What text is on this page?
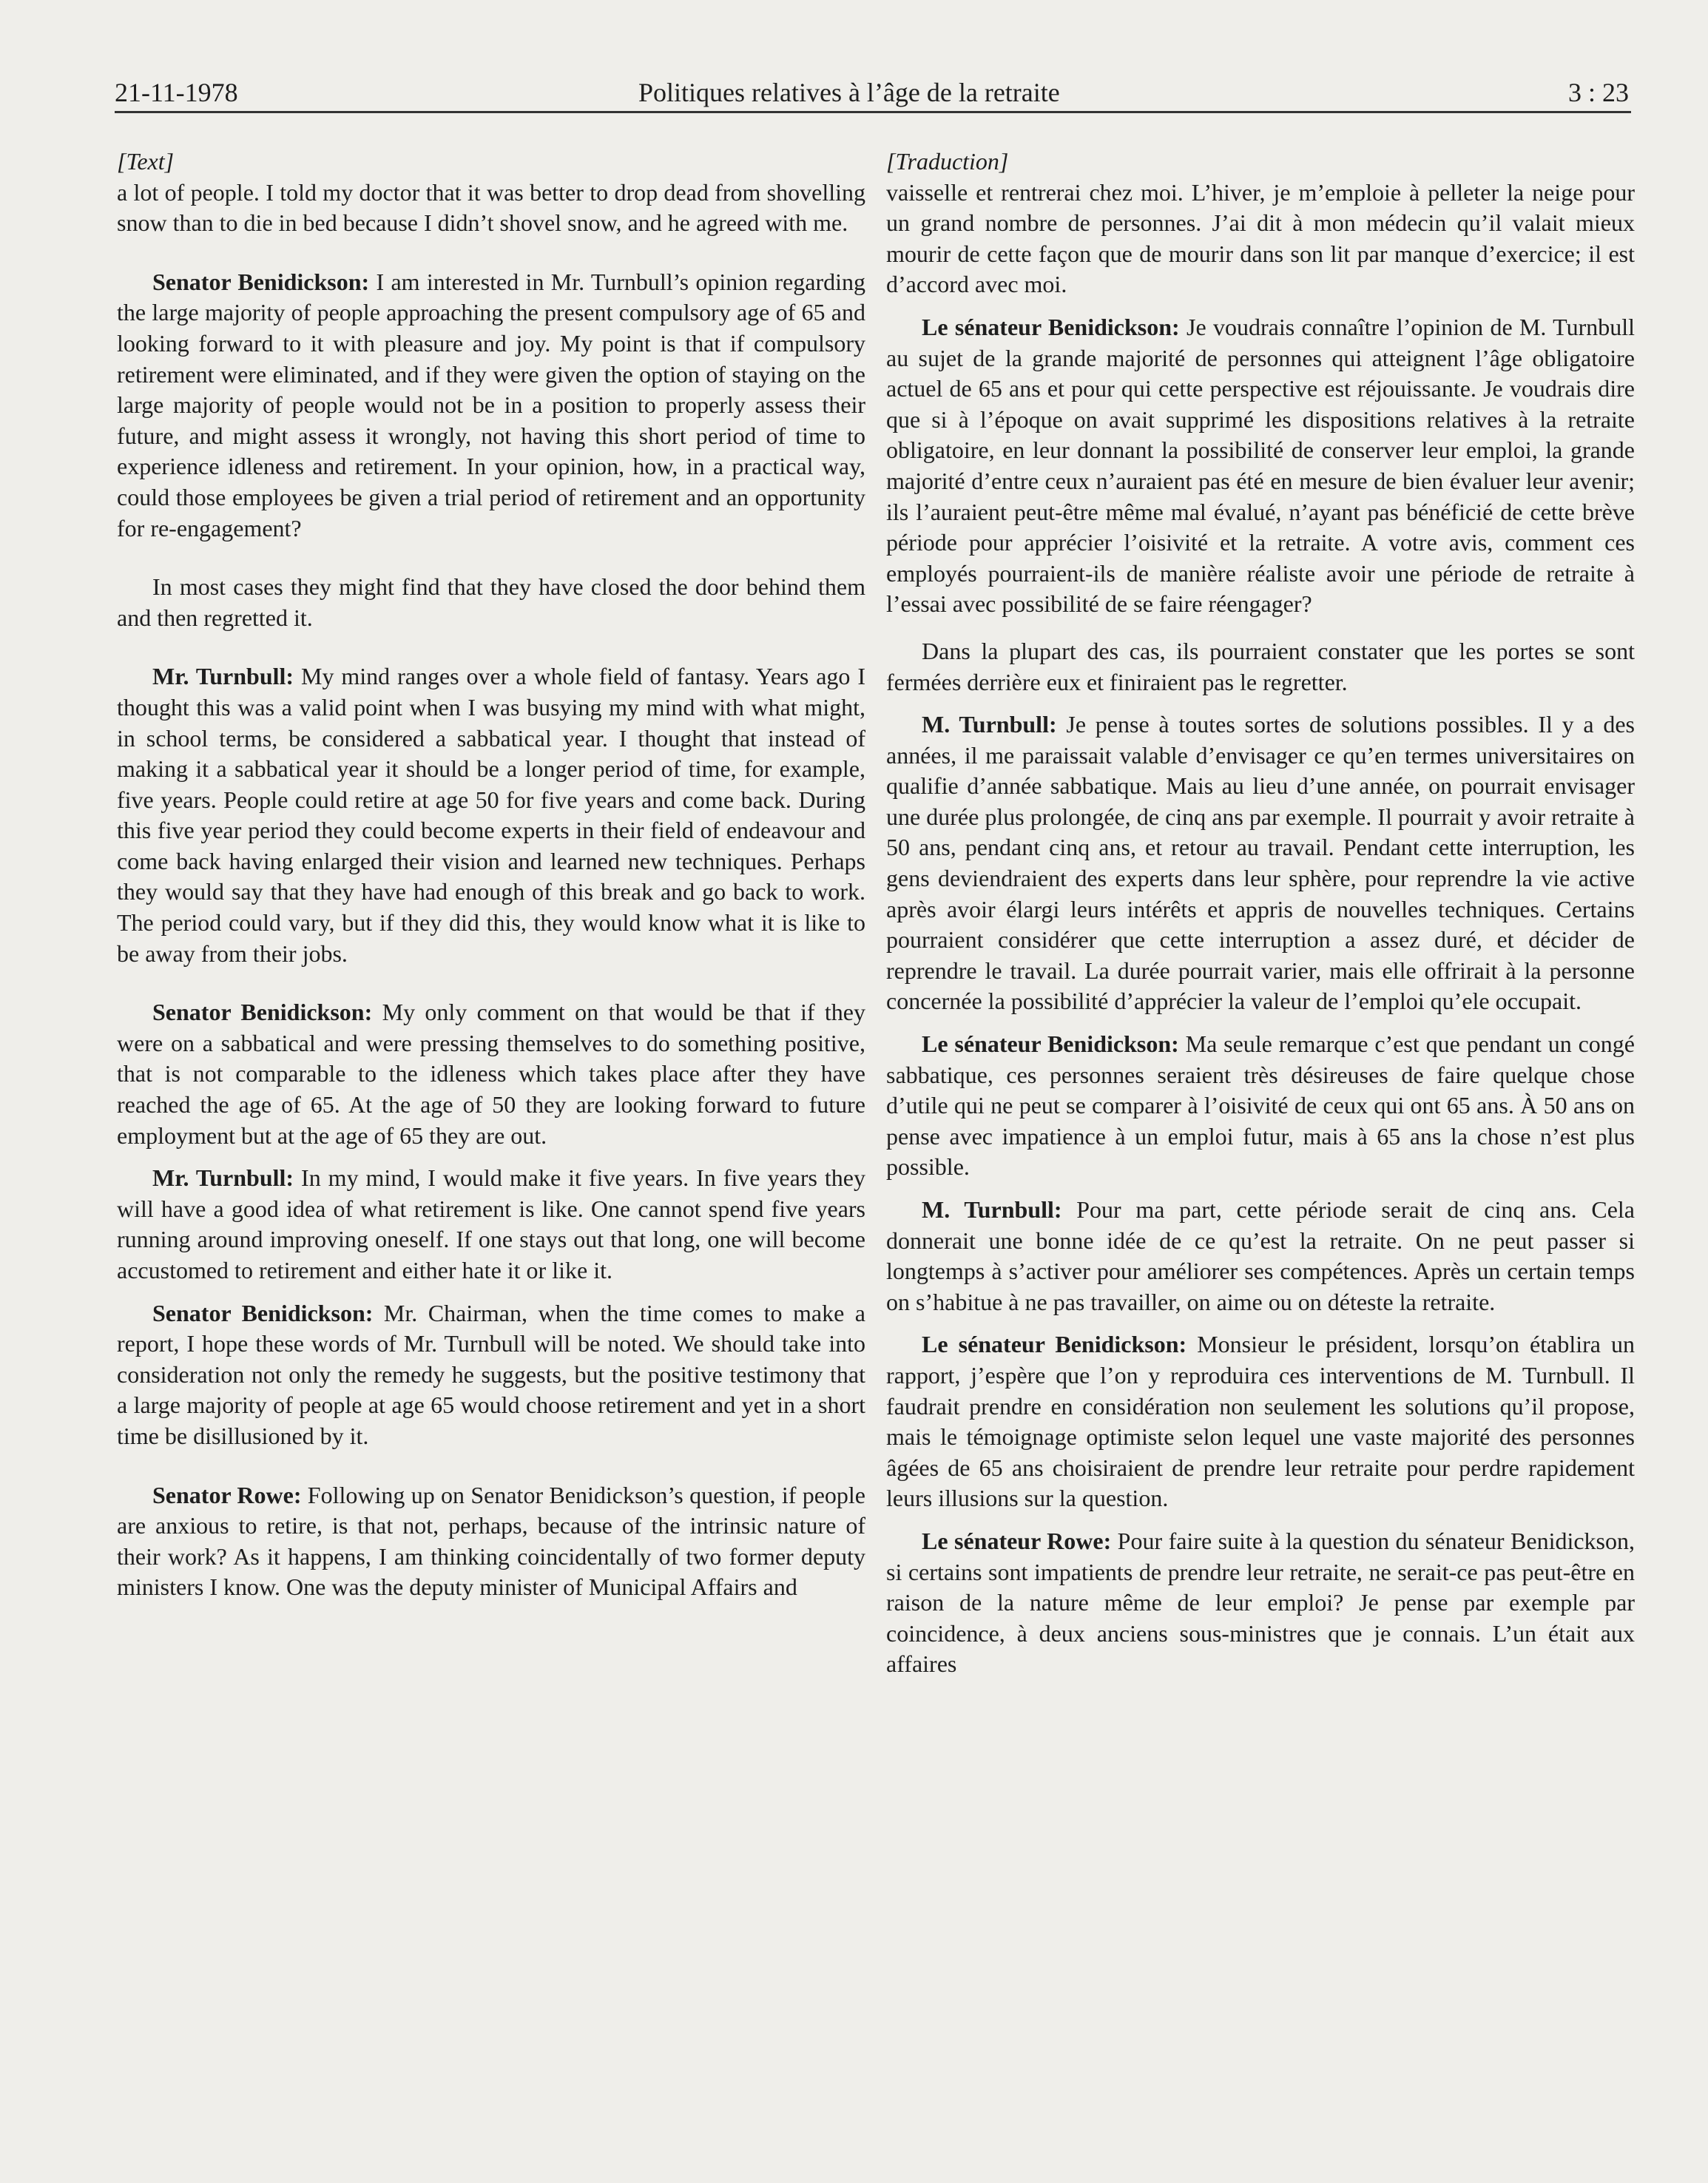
21-11-1978	Politiques relatives à l’âge de la retraite	3 : 23

[Text]

a lot of people. I told my doctor that it was better to drop dead from shovelling snow than to die in bed because I didn’t shovel snow, and he agreed with me.

Senator Benidickson: I am interested in Mr. Turnbull’s opinion regarding the large majority of people approaching the present compulsory age of 65 and looking forward to it with pleasure and joy. My point is that if compulsory retirement were eliminated, and if they were given the option of staying on the large majority of people would not be in a position to properly assess their future, and might assess it wrongly, not having this short period of time to experience idleness and retirement. In your opinion, how, in a practical way, could those employees be given a trial period of retirement and an opportunity for re-engagement?

In most cases they might find that they have closed the door behind them and then regretted it.

Mr. Turnbull: My mind ranges over a whole field of fantasy. Years ago I thought this was a valid point when I was busying my mind with what might, in school terms, be considered a sabbatical year. I thought that instead of making it a sabbatical year it should be a longer period of time, for example, five years. People could retire at age 50 for five years and come back. During this five year period they could become experts in their field of endeavour and come back having enlarged their vision and learned new techniques. Perhaps they would say that they have had enough of this break and go back to work. The period could vary, but if they did this, they would know what it is like to be away from their jobs.

Senator Benidickson: My only comment on that would be that if they were on a sabbatical and were pressing themselves to do something positive, that is not comparable to the idleness which takes place after they have reached the age of 65. At the age of 50 they are looking forward to future employment but at the age of 65 they are out.

Mr. Turnbull: In my mind, I would make it five years. In five years they will have a good idea of what retirement is like. One cannot spend five years running around improving oneself. If one stays out that long, one will become accustomed to retirement and either hate it or like it.

Senator Benidickson: Mr. Chairman, when the time comes to make a report, I hope these words of Mr. Turnbull will be noted. We should take into consideration not only the remedy he suggests, but the positive testimony that a large majority of people at age 65 would choose retirement and yet in a short time be disillusioned by it.

Senator Rowe: Following up on Senator Benidickson’s question, if people are anxious to retire, is that not, perhaps, because of the intrinsic nature of their work? As it happens, I am thinking coincidentally of two former deputy ministers I know. One was the deputy minister of Municipal Affairs and

[Traduction]

vaisselle et rentrerai chez moi. L’hiver, je m’emploie à pelleter la neige pour un grand nombre de personnes. J’ai dit à mon médecin qu’il valait mieux mourir de cette façon que de mourir dans son lit par manque d’exercice; il est d’accord avec moi.

Le sénateur Benidickson: Je voudrais connaître l’opinion de M. Turnbull au sujet de la grande majorité de personnes qui atteignent l’âge obligatoire actuel de 65 ans et pour qui cette perspective est réjouissante. Je voudrais dire que si à l’époque on avait supprimé les dispositions relatives à la retraite obligatoire, en leur donnant la possibilité de conserver leur emploi, la grande majorité d’entre ceux n’auraient pas été en mesure de bien évaluer leur avenir; ils l’auraient peut-être même mal évalué, n’ayant pas bénéficié de cette brève période pour apprécier l’oisivité et la retraite. A votre avis, comment ces employés pourraient-ils de manière réaliste avoir une période de retraite à l’essai avec possibilité de se faire réengager?

Dans la plupart des cas, ils pourraient constater que les portes se sont fermées derrière eux et finiraient pas le regretter.

M. Turnbull: Je pense à toutes sortes de solutions possibles. Il y a des années, il me paraissait valable d’envisager ce qu’en termes universitaires on qualifie d’année sabbatique. Mais au lieu d’une année, on pourrait envisager une durée plus prolongée, de cinq ans par exemple. Il pourrait y avoir retraite à 50 ans, pendant cinq ans, et retour au travail. Pendant cette interruption, les gens deviendraient des experts dans leur sphère, pour reprendre la vie active après avoir élargi leurs intérêts et appris de nouvelles techniques. Certains pourraient considérer que cette interruption a assez duré, et décider de reprendre le travail. La durée pourrait varier, mais elle offrirait à la personne concernée la possibilité d’apprécier la valeur de l’emploi qu’ele occupait.

Le sénateur Benidickson: Ma seule remarque c’est que pendant un congé sabbatique, ces personnes seraient très désireuses de faire quelque chose d’utile qui ne peut se comparer à l’oisivité de ceux qui ont 65 ans. À 50 ans on pense avec impatience à un emploi futur, mais à 65 ans la chose n’est plus possible.

M. Turnbull: Pour ma part, cette période serait de cinq ans. Cela donnerait une bonne idée de ce qu’est la retraite. On ne peut passer si longtemps à s’activer pour améliorer ses compétences. Après un certain temps on s’habitue à ne pas travailler, on aime ou on déteste la retraite.

Le sénateur Benidickson: Monsieur le président, lorsqu’on établira un rapport, j’espère que l’on y reproduira ces interventions de M. Turnbull. Il faudrait prendre en considération non seulement les solutions qu’il propose, mais le témoignage optimiste selon lequel une vaste majorité des personnes âgées de 65 ans choisiraient de prendre leur retraite pour perdre rapidement leurs illusions sur la question.

Le sénateur Rowe: Pour faire suite à la question du sénateur Benidickson, si certains sont impatients de prendre leur retraite, ne serait-ce pas peut-être en raison de la nature même de leur emploi? Je pense par exemple par coincidence, à deux anciens sous-ministres que je connais. L’un était aux affaires
